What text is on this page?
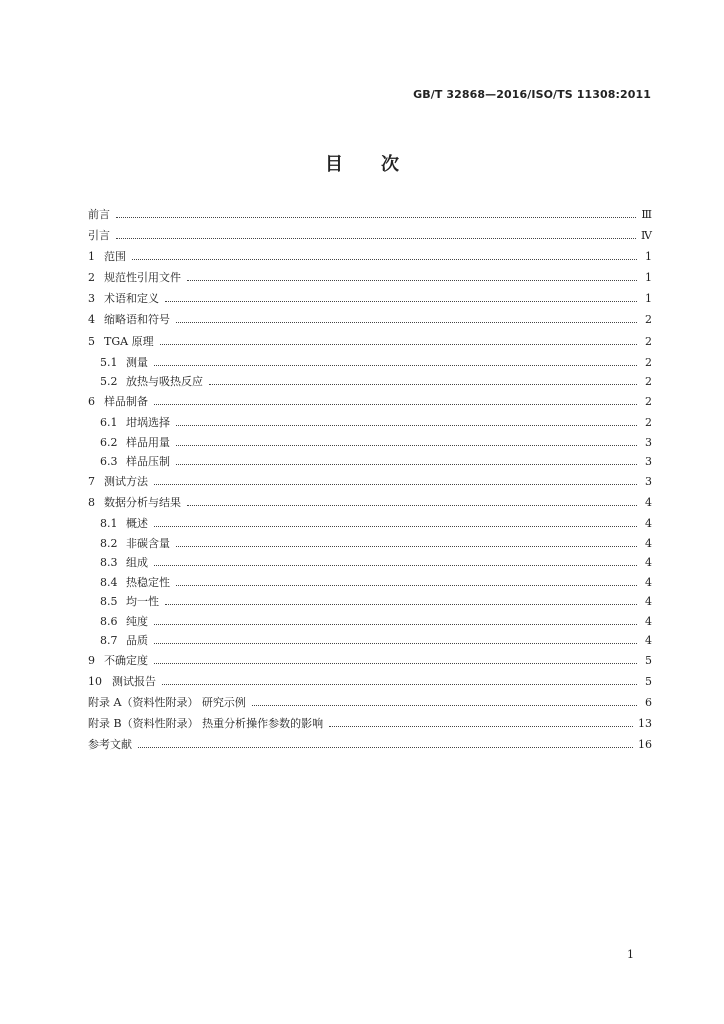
GB/T 32868—2016/ISO/TS 11308:2011
目次
前言	Ⅲ
引言	Ⅳ
1 范围	1
2 规范性引用文件	1
3 术语和定义	1
4 缩略语和符号	2
5 TGA 原理	2
5.1 测量	2
5.2 放热与吸热反应	2
6 样品制备	2
6.1 坩埚选择	2
6.2 样品用量	3
6.3 样品压制	3
7 测试方法	3
8 数据分析与结果	4
8.1 概述	4
8.2 非碳含量	4
8.3 组成	4
8.4 热稳定性	4
8.5 均一性	4
8.6 纯度	4
8.7 品质	4
9 不确定度	5
10 测试报告	5
附录 A（资料性附录） 研究示例	6
附录 B（资料性附录） 热重分析操作参数的影响	13
参考文献	16
1
